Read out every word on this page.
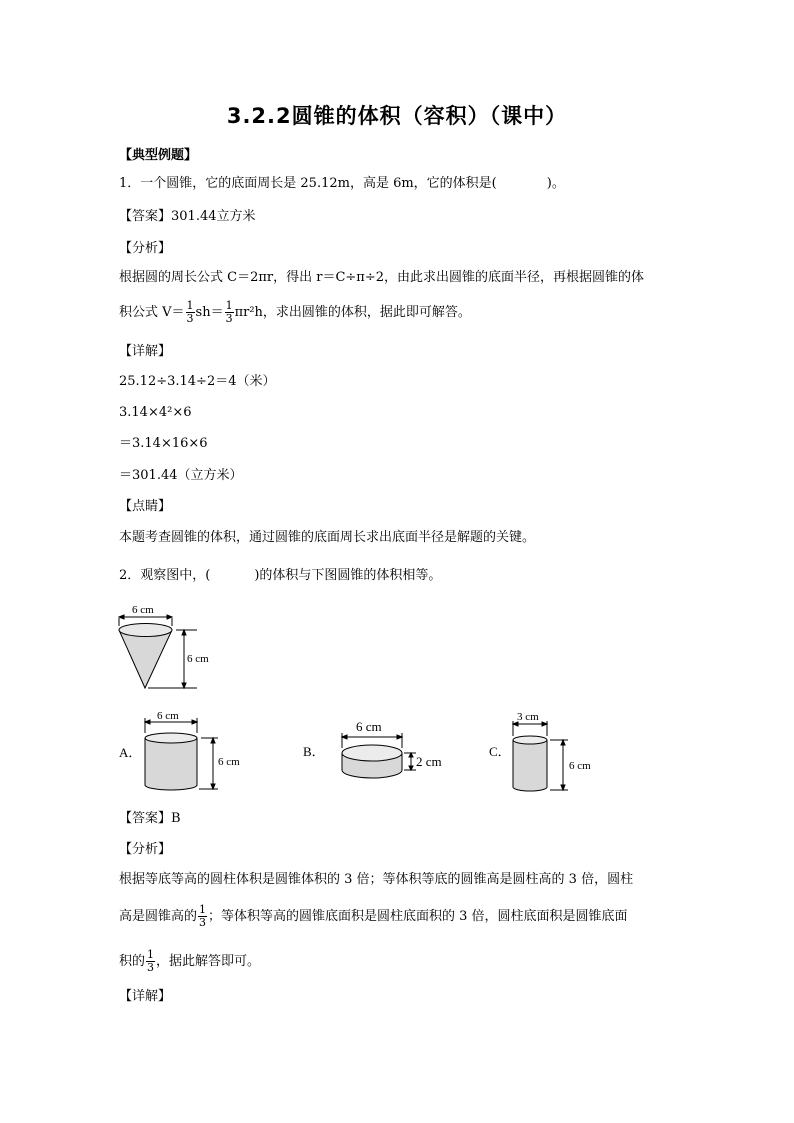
3.2.2圆锥的体积（容积）（课中）
【典型例题】
1．一个圆锥，它的底面周长是 25.12m，高是 6m，它的体积是(	)。
【答案】301.44立方米
【分析】
根据圆的周长公式 C＝2πr，得出 r＝C÷π÷2，由此求出圆锥的底面半径，再根据圆锥的体
积公式 $V= \frac{1}{3} sh= \frac{1}{3} \pi r^2h$，求出圆锥的体积，据此即可解答。
【详解】
25.12÷3.14÷2＝4（米）
3.14×4²×6
＝3.14×16×6
＝301.44（立方米）
【点睛】
本题考查圆锥的体积，通过圆锥的底面周长求出底面半径是解题的关键。
2．观察图中，(	)的体积与下图圆锥的体积相等。
6 cm
6 cm
A．
6 cm
6 cm
B．
6 cm
2 cm
C．
3 cm
6 cm
【答案】B
【分析】
根据等底等高的圆柱体积是圆锥体积的 3 倍；等体积等底的圆锥高是圆柱高的 3 倍，圆柱
高是圆锥高的 $\frac{1}{3}$ ；等体积等高的圆锥底面积是圆柱底面积的 3 倍，圆柱底面积是圆锥底面
积的 $\frac{1}{3}$ ，据此解答即可。
【详解】
